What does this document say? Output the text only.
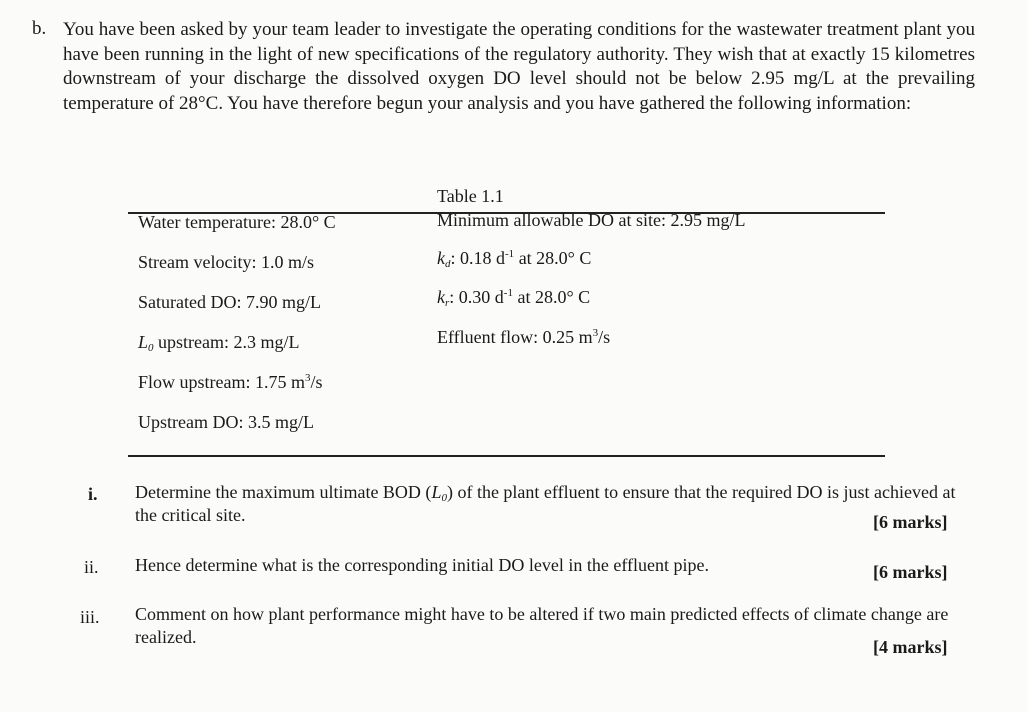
b. You have been asked by your team leader to investigate the operating conditions for the wastewater treatment plant you have been running in the light of new specifications of the regulatory authority. They wish that at exactly 15 kilometres downstream of your discharge the dissolved oxygen DO level should not be below 2.95 mg/L at the prevailing temperature of 28°C. You have therefore begun your analysis and you have gathered the following information:
Table 1.1
Water temperature: 28.0° C
Stream velocity: 1.0 m/s
Saturated DO: 7.90 mg/L
$L_0$ upstream: 2.3 mg/L
Flow upstream: 1.75 $m^3/s$
Upstream DO: 3.5 mg/L
Minimum allowable DO at site: 2.95 mg/L
$k_d$: 0.18 $d^{-1}$ at 28.0° C
$k_r$: 0.30 $d^{-1}$ at 28.0° C
Effluent flow: 0.25 $m^3/s$
i. Determine the maximum ultimate BOD $(L_0)$ of the plant effluent to ensure that the required DO is just achieved at the critical site.	[6 marks]
ii. Hence determine what is the corresponding initial DO level in the effluent pipe.	[6 marks]
iii. Comment on how plant performance might have to be altered if two main predicted effects of climate change are realized.	[4 marks]
